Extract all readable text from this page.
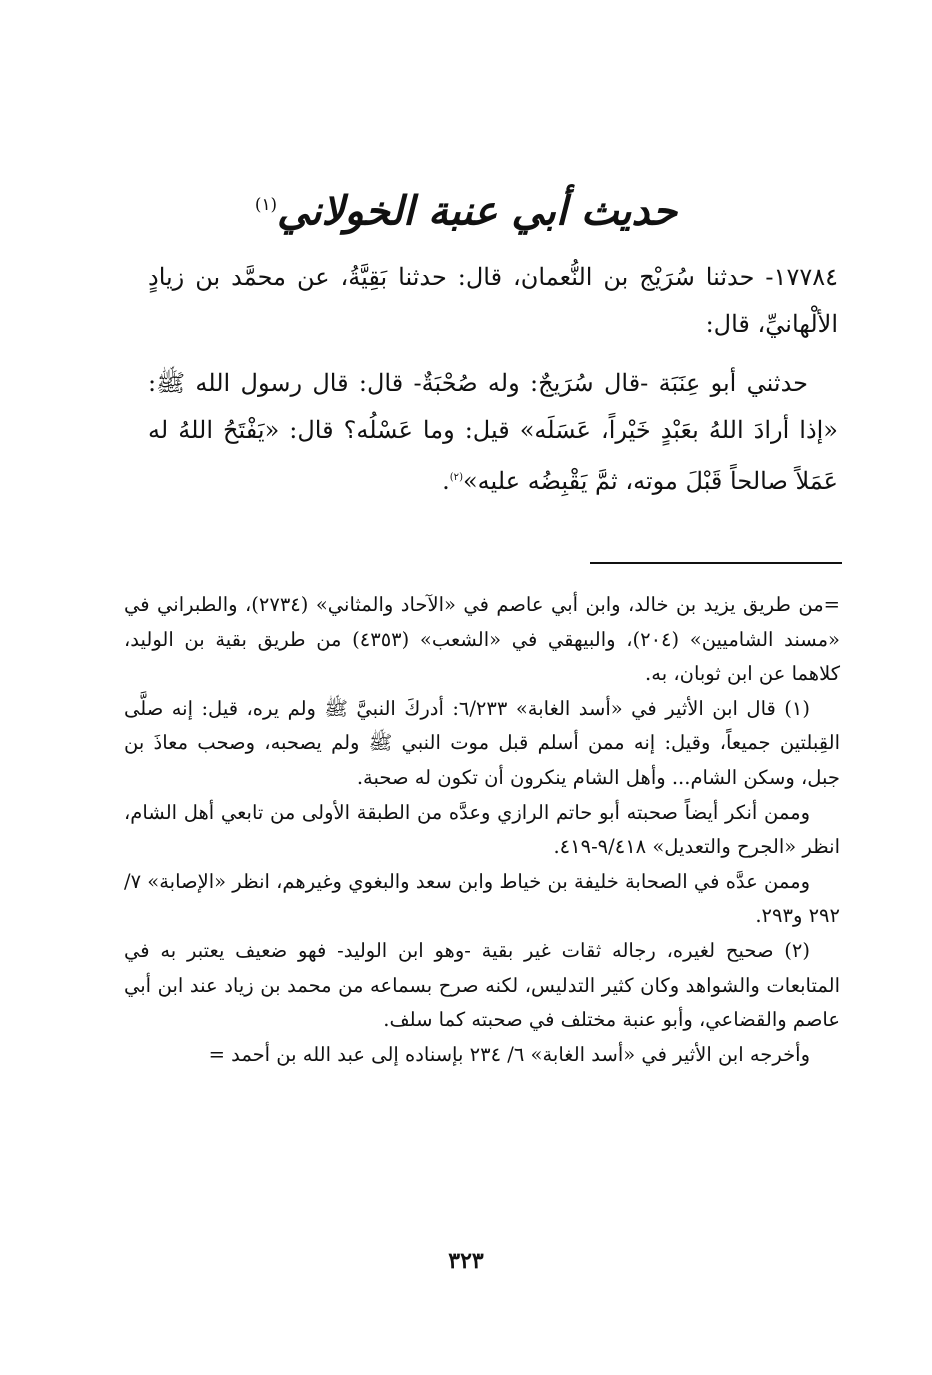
حديث أبي عنبة الخولاني$^{(١)}$

١٧٧٨٤- حدثنا سُرَيْج بن النُّعمان، قال: حدثنا بَقِيَّةُ، عن محمَّد بن زيادٍ الألْهانيِّ، قال:

حدثني أبو عِنَبَة -قال سُرَيجٌ: وله صُحْبَةٌ- قال: قال رسول الله ﷺ: «إذا أرادَ اللهُ بعَبْدٍ خَيْراً، عَسَلَه» قيل: وما عَسْلُه؟ قال: «يَفْتَحُ اللهُ له عَمَلاً صالحاً قَبْلَ موته، ثمَّ يَقْبِضُه عليه»$^{(٢)}$.

=من طريق يزيد بن خالد، وابن أبي عاصم في «الآحاد والمثاني» (٢٧٣٤)، والطبراني في «مسند الشاميين» (٢٠٤)، والبيهقي في «الشعب» (٤٣٥٣) من طريق بقية بن الوليد، كلاهما عن ابن ثوبان، به.

(١) قال ابن الأثير في «أسد الغابة» ٦/٢٣٣: أدركَ النبيَّ ﷺ ولم يره، قيل: إنه صلَّى القِبلتين جميعاً، وقيل: إنه ممن أسلم قبل موت النبي ﷺ ولم يصحبه، وصحب معاذَ بن جبل، وسكن الشام... وأهل الشام ينكرون أن تكون له صحبة.

وممن أنكر أيضاً صحبته أبو حاتم الرازي وعدَّه من الطبقة الأولى من تابعي أهل الشام، انظر «الجرح والتعديل» ٩/٤١٨-٤١٩.

وممن عدَّه في الصحابة خليفة بن خياط وابن سعد والبغوي وغيرهم، انظر «الإصابة» ٧/ ٢٩٢ و٢٩٣.

(٢) صحيح لغيره، رجاله ثقات غير بقية -وهو ابن الوليد- فهو ضعيف يعتبر به في المتابعات والشواهد وكان كثير التدليس، لكنه صرح بسماعه من محمد بن زياد عند ابن أبي عاصم والقضاعي، وأبو عنبة مختلف في صحبته كما سلف.

وأخرجه ابن الأثير في «أسد الغابة» ٦/ ٢٣٤ بإسناده إلى عبد الله بن أحمد =

٣٢٣
